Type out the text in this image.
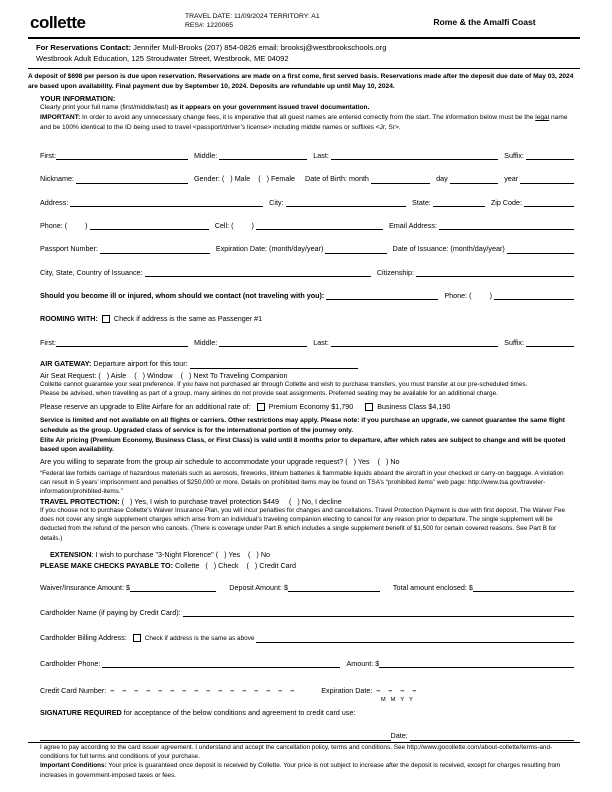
collette	TRAVEL DATE: 11/09/2024 TERRITORY: A1
RES#: 1220065	Rome & the Amalfi Coast
For Reservations Contact: Jennifer Mull-Brooks (207) 854-0826 email: brooksj@westbrookschools.org
Westbrook Adult Education, 125 Stroudwater Street, Westbrook, ME 04092
A deposit of $698 per person is due upon reservation. Reservations are made on a first come, first served basis. Reservations made after the deposit due date of May 03, 2024 are based upon availability. Final payment due by September 10, 2024. Deposits are refundable up until May 10, 2024.
YOUR INFORMATION:
Clearly print your full name (first/middle/last) as it appears on your government issued travel documentation.
IMPORTANT: In order to avoid any unnecessary change fees, it is imperative that all guest names are entered correctly from the start. The information below must be the legal name and be 100% identical to the ID being used to travel <passport/driver’s license> including middle names or suffixes <Jr, Sr>.
First:	Middle:	Last:	Suffix:
Nickname:	Gender: (   ) Male    (   ) Female Date of Birth: month	day	year
Address:	City:	State:	Zip Code:
Phone: (	)	Cell: (	)	Email Address:
Passport Number:	Expiration Date: (month/day/year)	Date of Issuance: (month/day/year)
City, State, Country of Issuance:	Citizenship:
Should you become ill or injured, whom should we contact (not traveling with you):	Phone: (	)
ROOMING WITH: Check if address is the same as Passenger #1
First:	Middle:	Last:	Suffix:
AIR GATEWAY: Departure airport for this tour:
Air Seat Request: (   ) Aisle    (   ) Window    (   ) Next To Traveling Companion
Collette cannot guarantee your seat preference. If you have not purchased air through Collette and wish to purchase transfers, you must transfer at our pre-scheduled times.
Please be advised, when travelling as part of a group, many airlines do not provide seat assignments. Preferred seating may be available for an additional charge.
Please reserve an upgrade to Elite Airfare for an additional rate of: Premium Economy $1,790	Business Class $4,190
Service is limited and not available on all flights or carriers. Other restrictions may apply. Please note: if you purchase an upgrade, we cannot guarantee the same flight schedule as the group. Upgraded class of service is for the international portion of the journey only.
Elite Air pricing (Premium Economy, Business Class, or First Class) is valid until 8 months prior to departure, after which rates are subject to change and will be quoted based upon availability.
Are you willing to separate from the group air schedule to accommodate your upgrade request? (   ) Yes    (   ) No
“Federal law forbids carriage of hazardous materials such as aerosols, fireworks, lithium batteries & flammable liquids aboard the aircraft in your checked or carry-on baggage. A violation can result in 5 years’ imprisonment and penalties of $250,000 or more. Details on prohibited items may be found on TSA’s “prohibited items” web page: http://www.tsa.gov/traveler-information/prohibited-items.”
TRAVEL PROTECTION: (   ) Yes, I wish to purchase travel protection $449     (   ) No, I decline
If you choose not to purchase Collette’s Waiver Insurance Plan, you will incur penalties for changes and cancellations. Travel Protection Payment is due with first deposit. The Waiver Fee does not cover any single supplement charges which arise from an individual’s traveling companion electing to cancel for any reason prior to departure. The single supplement will be deducted from the refund of the person who cancels. (There is coverage under Part B which includes a single supplement benefit of $1,500 for certain covered reasons. See Part B for details.)
EXTENSION: I wish to purchase "3-Night Florence" (   ) Yes    (   ) No
PLEASE MAKE CHECKS PAYABLE TO: Collette   (   ) Check    (   ) Credit Card
Waiver/Insurance Amount: $	Deposit Amount: $	Total amount enclosed: $
Cardholder Name (if paying by Credit Card):
Cardholder Billing Address:	Check if address is the same as above
Cardholder Phone:	Amount: $
Credit Card Number: – – – – – – – – – – – – – – – –	Expiration Date: – – – –
M   M   Y   Y
SIGNATURE REQUIRED for acceptance of the below conditions and agreement to credit card use:
Date:
I agree to pay according to the card issuer agreement. I understand and accept the cancellation policy, terms and conditions. See http://www.gocollette.com/about-collette/terms-and-conditions for full terms and conditions of your purchase.
Important Conditions: Your price is guaranteed once deposit is received by Collette. Your price is not subject to increase after the deposit is received, except for charges resulting from increases in government-imposed taxes or fees.
